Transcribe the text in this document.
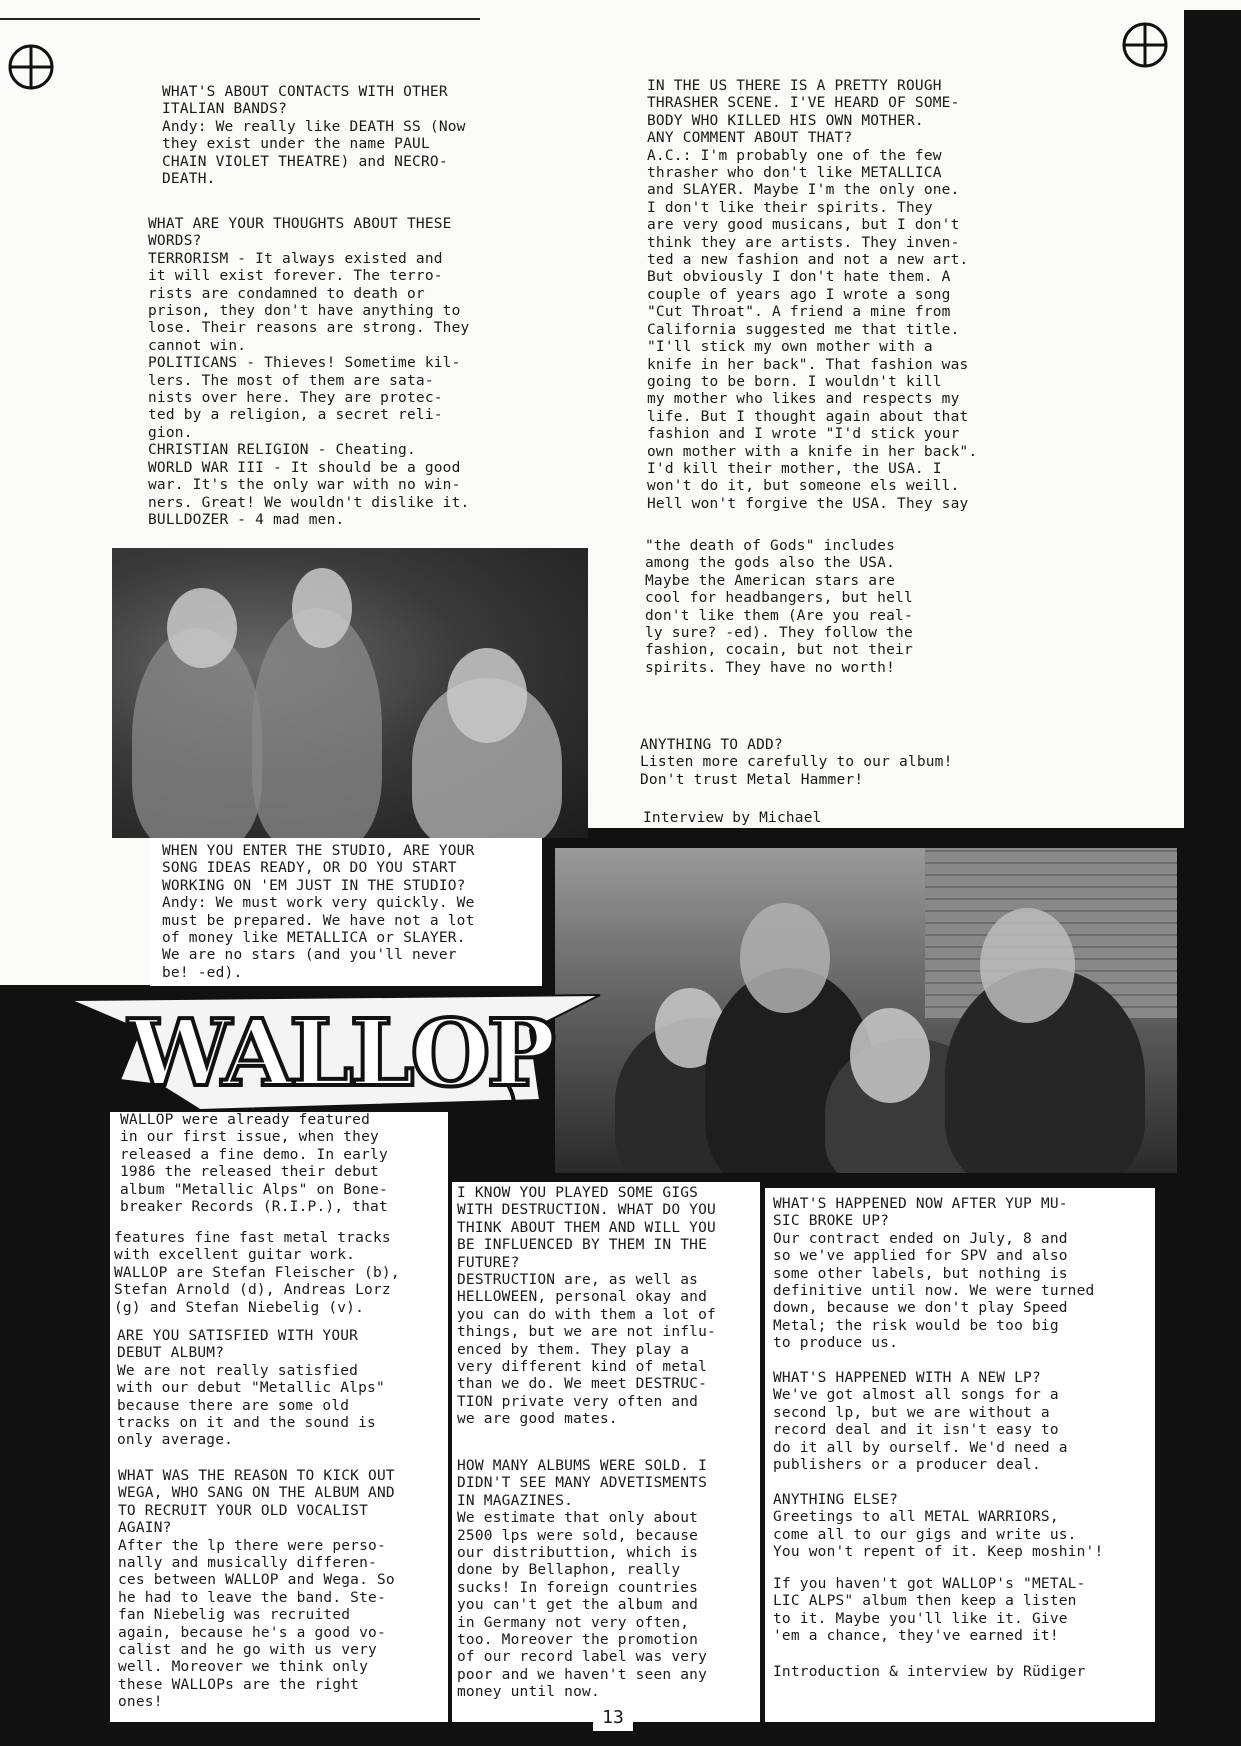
WHAT'S ABOUT CONTACTS WITH OTHER
ITALIAN BANDS?
Andy: We really like DEATH SS (Now
they exist under the name PAUL
CHAIN VIOLET THEATRE) and NECRO-
DEATH.
WHAT ARE YOUR THOUGHTS ABOUT THESE
WORDS?
TERRORISM - It always existed and
it will exist forever. The terro-
rists are condamned to death or
prison, they don't have anything to
lose. Their reasons are strong. They
cannot win.
POLITICANS - Thieves! Sometime kil-
lers. The most of them are sata-
nists over here. They are protec-
ted by a religion, a secret reli-
gion.
CHRISTIAN RELIGION - Cheating.
WORLD WAR III - It should be a good
war. It's the only war with no win-
ners. Great! We wouldn't dislike it.
BULLDOZER - 4 mad men.
IN THE US THERE IS A PRETTY ROUGH
THRASHER SCENE. I'VE HEARD OF SOME-
BODY WHO KILLED HIS OWN MOTHER.
ANY COMMENT ABOUT THAT?
A.C.: I'm probably one of the few
thrasher who don't like METALLICA
and SLAYER. Maybe I'm the only one.
I don't like their spirits. They
are very good musicans, but I don't
think they are artists. They inven-
ted a new fashion and not a new art.
But obviously I don't hate them. A
couple of years ago I wrote a song
"Cut Throat". A friend a mine from
California suggested me that title.
"I'll stick my own mother with a
knife in her back". That fashion was
going to be born. I wouldn't kill
my mother who likes and respects my
life. But I thought again about that
fashion and I wrote "I'd stick your
own mother with a knife in her back".
I'd kill their mother, the USA. I
won't do it, but someone els weill.
Hell won't forgive the USA. They say
"the death of Gods" includes
among the gods also the USA.
Maybe the American stars are
cool for headbangers, but hell
don't like them (Are you real-
ly sure? -ed). They follow the
fashion, cocain, but not their
spirits. They have no worth!
ANYTHING TO ADD?
Listen more carefully to our album!
Don't trust Metal Hammer!
Interview by Michael
WHEN YOU ENTER THE STUDIO, ARE YOUR
SONG IDEAS READY, OR DO YOU START
WORKING ON 'EM JUST IN THE STUDIO?
Andy: We must work very quickly. We
must be prepared. We have not a lot
of money like METALLICA or SLAYER.
We are no stars (and you'll never
be! -ed).
WALLOP
WALLOP were already featured
in our first issue, when they
released a fine demo. In early
1986 the released their debut
album "Metallic Alps" on Bone-
breaker Records (R.I.P.), that
features fine fast metal tracks
with excellent guitar work.
WALLOP are Stefan Fleischer (b),
Stefan Arnold (d), Andreas Lorz
(g) and Stefan Niebelig (v).
ARE YOU SATISFIED WITH YOUR
DEBUT ALBUM?
We are not really satisfied
with our debut "Metallic Alps"
because there are some old
tracks on it and the sound is
only average.
WHAT WAS THE REASON TO KICK OUT
WEGA, WHO SANG ON THE ALBUM AND
TO RECRUIT YOUR OLD VOCALIST
AGAIN?
After the lp there were perso-
nally and musically differen-
ces between WALLOP and Wega. So
he had to leave the band. Ste-
fan Niebelig was recruited
again, because he's a good vo-
calist and he go with us very
well. Moreover we think only
these WALLOPs are the right
ones!
I KNOW YOU PLAYED SOME GIGS
WITH DESTRUCTION. WHAT DO YOU
THINK ABOUT THEM AND WILL YOU
BE INFLUENCED BY THEM IN THE
FUTURE?
DESTRUCTION are, as well as
HELLOWEEN, personal okay and
you can do with them a lot of
things, but we are not influ-
enced by them. They play a
very different kind of metal
than we do. We meet DESTRUC-
TION private very often and
we are good mates.
HOW MANY ALBUMS WERE SOLD. I
DIDN'T SEE MANY ADVETISMENTS
IN MAGAZINES.
We estimate that only about
2500 lps were sold, because
our distributtion, which is
done by Bellaphon, really
sucks! In foreign countries
you can't get the album and
in Germany not very often,
too. Moreover the promotion
of our record label was very
poor and we haven't seen any
money until now.
WHAT'S HAPPENED NOW AFTER YUP MU-
SIC BROKE UP?
Our contract ended on July, 8 and
so we've applied for SPV and also
some other labels, but nothing is
definitive until now. We were turned
down, because we don't play Speed
Metal; the risk would be too big
to produce us.
WHAT'S HAPPENED WITH A NEW LP?
We've got almost all songs for a
second lp, but we are without a
record deal and it isn't easy to
do it all by ourself. We'd need a
publishers or a producer deal.
ANYTHING ELSE?
Greetings to all METAL WARRIORS,
come all to our gigs and write us.
You won't repent of it. Keep moshin'!
If you haven't got WALLOP's "METAL-
LIC ALPS" album then keep a listen
to it. Maybe you'll like it. Give
'em a chance, they've earned it!
Introduction & interview by Rüdiger
13
